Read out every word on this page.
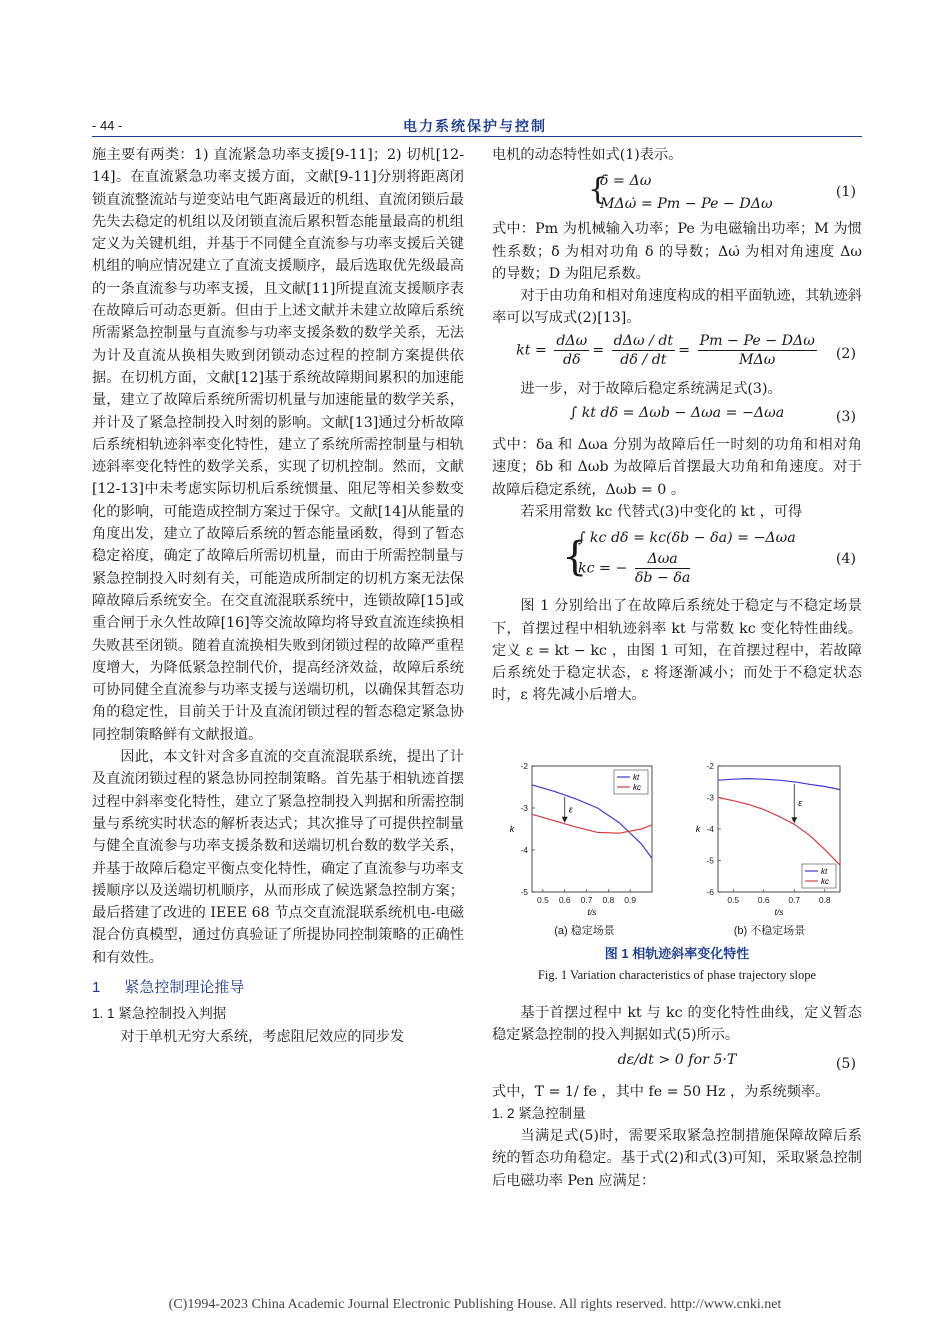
- 44 -	电力系统保护与控制

施主要有两类：1) 直流紧急功率支援[9-11]；2) 切机[12-14]。在直流紧急功率支援方面，文献[9-11]分别将距离闭锁直流整流站与逆变站电气距离最近的机组、直流闭锁后最先失去稳定的机组以及闭锁直流后累积暂态能量最高的机组定义为关键机组，并基于不同健全直流参与功率支援后关键机组的响应情况建立了直流支援顺序，最后选取优先级最高的一条直流参与功率支援，且文献[11]所提直流支援顺序表在故障后可动态更新。但由于上述文献并未建立故障后系统所需紧急控制量与直流参与功率支援条数的数学关系，无法为计及直流从换相失败到闭锁动态过程的控制方案提供依据。在切机方面，文献[12]基于系统故障期间累积的加速能量，建立了故障后系统所需切机量与加速能量的数学关系，并计及了紧急控制投入时刻的影响。文献[13]通过分析故障后系统相轨迹斜率变化特性，建立了系统所需控制量与相轨迹斜率变化特性的数学关系，实现了切机控制。然而，文献[12-13]中未考虑实际切机后系统惯量、阻尼等相关参数变化的影响，可能造成控制方案过于保守。文献[14]从能量的角度出发，建立了故障后系统的暂态能量函数，得到了暂态稳定裕度，确定了故障后所需切机量，而由于所需控制量与紧急控制投入时刻有关，可能造成所制定的切机方案无法保障故障后系统安全。在交直流混联系统中，连锁故障[15]或重合闸于永久性故障[16]等交流故障均将导致直流连续换相失败甚至闭锁。随着直流换相失败到闭锁过程的故障严重程度增大，为降低紧急控制代价，提高经济效益，故障后系统可协同健全直流参与功率支援与送端切机，以确保其暂态功角的稳定性，目前关于计及直流闭锁过程的暂态稳定紧急协同控制策略鲜有文献报道。

因此，本文针对含多直流的交直流混联系统，提出了计及直流闭锁过程的紧急协同控制策略。首先基于相轨迹首摆过程中斜率变化特性，建立了紧急控制投入判据和所需控制量与系统实时状态的解析表达式；其次推导了可提供控制量与健全直流参与功率支援条数和送端切机台数的数学关系，并基于故障后稳定平衡点变化特性，确定了直流参与功率支援顺序以及送端切机顺序，从而形成了候选紧急控制方案；最后搭建了改进的 IEEE 68 节点交直流混联系统机电-电磁混合仿真模型，通过仿真验证了所提协同控制策略的正确性和有效性。

1 紧急控制理论推导

1. 1 紧急控制投入判据

对于单机无穷大系统，考虑阻尼效应的同步发

电机的动态特性如式(1)表示。

{
δ̇ = Δω
MΔω̇ = Pm − Pe − DΔω
(1)

式中：Pm 为机械输入功率；Pe 为电磁输出功率；M 为惯性系数；δ̇ 为相对功角 δ 的导数；Δω̇ 为相对角速度 Δω 的导数；D 为阻尼系数。

对于由功角和相对角速度构成的相平面轨迹，其轨迹斜率可以写成式(2)[13]。

kt = $\frac{\text{dΔω}}{d\delta} = \frac{\text{dΔω / dt}}{d\delta / dt} = \frac{\text{Pm − Pe − DΔω}}{\text{MΔω}} (2)$

进一步，对于故障后稳定系统满足式(3)。

∫ kt dδ = Δωb − Δωa = −Δωa	(3)

式中：δa 和 Δωa 分别为故障后任一时刻的功角和相对角速度；δb 和 Δωb 为故障后首摆最大功角和角速度。对于故障后稳定系统，Δωb = 0 。

若采用常数 kc 代替式(3)中变化的 kt ，可得

{
∫ kc dδ = kc(δb − δa) = −Δωa
kc = − $\frac{\text{Δωa}}{\delta b - \delta a}$	(4)

图 1 分别给出了在故障后系统处于稳定与不稳定场景下，首摆过程中相轨迹斜率 kt 与常数 kc 变化特性曲线。定义 ε = kt − kc ，由图 1 可知，在首摆过程中，若故障后系统处于稳定状态，ε 将逐渐减小；而处于不稳定状态时，ε 将先减小后增大。

0.5 0.6 0.7 0.8 0.9
-2
-3
-4
-5
t/s
k
ε
kt
kc
0.5 0.6 0.7 0.8
-2
-3
-4
-5
-6
t/s
k
ε
kt
kc
(a) 稳定场景	(b) 不稳定场景
图 1 相轨迹斜率变化特性
Fig. 1 Variation characteristics of phase trajectory slope

基于首摆过程中 kt 与 kc 的变化特性曲线，定义暂态稳定紧急控制的投入判据如式(5)所示。

dε/dt > 0 for 5·T	(5)

式中，T = 1/ fe ，其中 fe = 50 Hz ，为系统频率。

1. 2 紧急控制量

当满足式(5)时，需要采取紧急控制措施保障故障后系统的暂态功角稳定。基于式(2)和式(3)可知，采取紧急控制后电磁功率 Pen 应满足：

(C)1994-2023 China Academic Journal Electronic Publishing House. All rights reserved. http://www.cnki.net
